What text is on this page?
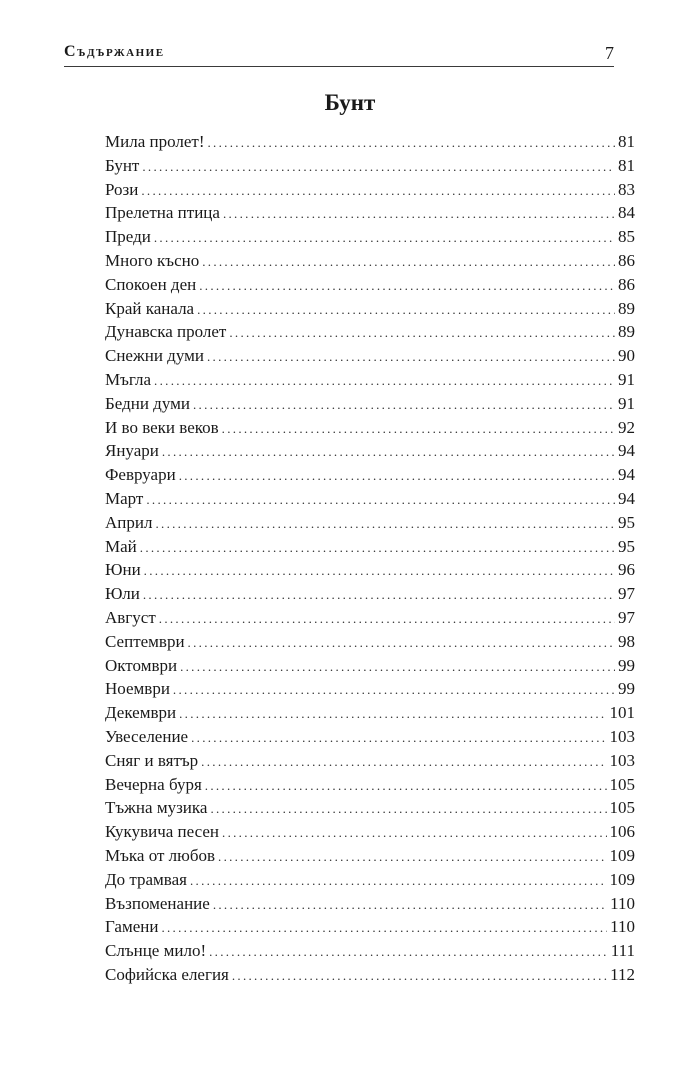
Съдържание	7
Бунт
Мила пролет! .....	81
Бунт .....	81
Рози .....	83
Прелетна птица .....	84
Преди .....	85
Много късно .....	86
Спокоен ден .....	86
Край канала .....	89
Дунавска пролет .....	89
Снежни думи .....	90
Мъгла .....	91
Бедни думи .....	91
И во веки веков .....	92
Януари .....	94
Февруари .....	94
Март .....	94
Април .....	95
Май .....	95
Юни .....	96
Юли .....	97
Август .....	97
Септември .....	98
Октомври .....	99
Ноември .....	99
Декември .....	101
Увеселение .....	103
Сняг и вятър .....	103
Вечерна буря .....	105
Тъжна музика .....	105
Кукувича песен .....	106
Мъка от любов .....	109
До трамвая .....	109
Възпоменание .....	110
Гамени .....	110
Слънце мило! .....	111
Софийска елегия .....	112
